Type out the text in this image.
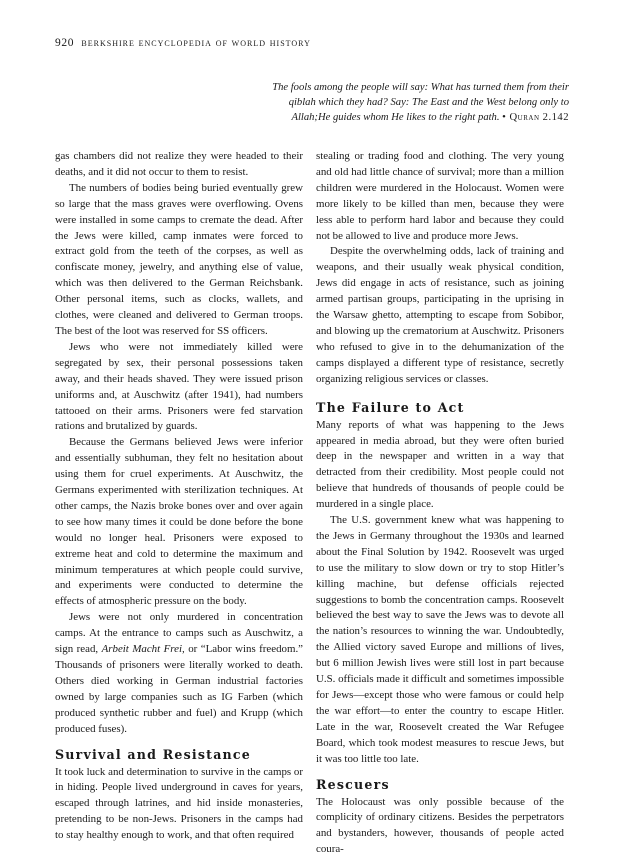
920 berkshire encyclopedia of world history
The fools among the people will say: What has turned them from their qiblah which they had? Say: The East and the West belong only to Allah;He guides whom He likes to the right path. • Quran 2.142

gas chambers did not realize they were headed to their deaths, and it did not occur to them to resist.

The numbers of bodies being buried eventually grew so large that the mass graves were overflowing. Ovens were installed in some camps to cremate the dead. After the Jews were killed, camp inmates were forced to extract gold from the teeth of the corpses, as well as confiscate money, jewelry, and anything else of value, which was then delivered to the German Reichsbank. Other personal items, such as clocks, wallets, and clothes, were cleaned and delivered to German troops. The best of the loot was reserved for SS officers.

Jews who were not immediately killed were segregated by sex, their personal possessions taken away, and their heads shaved. They were issued prison uniforms and, at Auschwitz (after 1941), had numbers tattooed on their arms. Prisoners were fed starvation rations and brutalized by guards.

Because the Germans believed Jews were inferior and essentially subhuman, they felt no hesitation about using them for cruel experiments. At Auschwitz, the Germans experimented with sterilization techniques. At other camps, the Nazis broke bones over and over again to see how many times it could be done before the bone would no longer heal. Prisoners were exposed to extreme heat and cold to determine the maximum and minimum temperatures at which people could survive, and experiments were conducted to determine the effects of atmospheric pressure on the body.

Jews were not only murdered in concentration camps. At the entrance to camps such as Auschwitz, a sign read, Arbeit Macht Frei, or “Labor wins freedom.” Thousands of prisoners were literally worked to death. Others died working in German industrial factories owned by large companies such as IG Farben (which produced synthetic rubber and fuel) and Krupp (which produced fuses).

Survival and Resistance

It took luck and determination to survive in the camps or in hiding. People lived underground in caves for years, escaped through latrines, and hid inside monasteries, pretending to be non-Jews. Prisoners in the camps had to stay healthy enough to work, and that often required

stealing or trading food and clothing. The very young and old had little chance of survival; more than a million children were murdered in the Holocaust. Women were more likely to be killed than men, because they were less able to perform hard labor and because they could not be allowed to live and produce more Jews.

Despite the overwhelming odds, lack of training and weapons, and their usually weak physical condition, Jews did engage in acts of resistance, such as joining armed partisan groups, participating in the uprising in the Warsaw ghetto, attempting to escape from Sobibor, and blowing up the crematorium at Auschwitz. Prisoners who refused to give in to the dehumanization of the camps displayed a different type of resistance, secretly organizing religious services or classes.

The Failure to Act

Many reports of what was happening to the Jews appeared in media abroad, but they were often buried deep in the newspaper and written in a way that detracted from their credibility. Most people could not believe that hundreds of thousands of people could be murdered in a single place.

The U.S. government knew what was happening to the Jews in Germany throughout the 1930s and learned about the Final Solution by 1942. Roosevelt was urged to use the military to slow down or try to stop Hitler’s killing machine, but defense officials rejected suggestions to bomb the concentration camps. Roosevelt believed the best way to save the Jews was to devote all the nation’s resources to winning the war. Undoubtedly, the Allied victory saved Europe and millions of lives, but 6 million Jewish lives were still lost in part because U.S. officials made it difficult and sometimes impossible for Jews—except those who were famous or could help the war effort—to enter the country to escape Hitler. Late in the war, Roosevelt created the War Refugee Board, which took modest measures to rescue Jews, but it was too little too late.

Rescuers

The Holocaust was only possible because of the complicity of ordinary citizens. Besides the perpetrators and bystanders, however, thousands of people acted coura-
